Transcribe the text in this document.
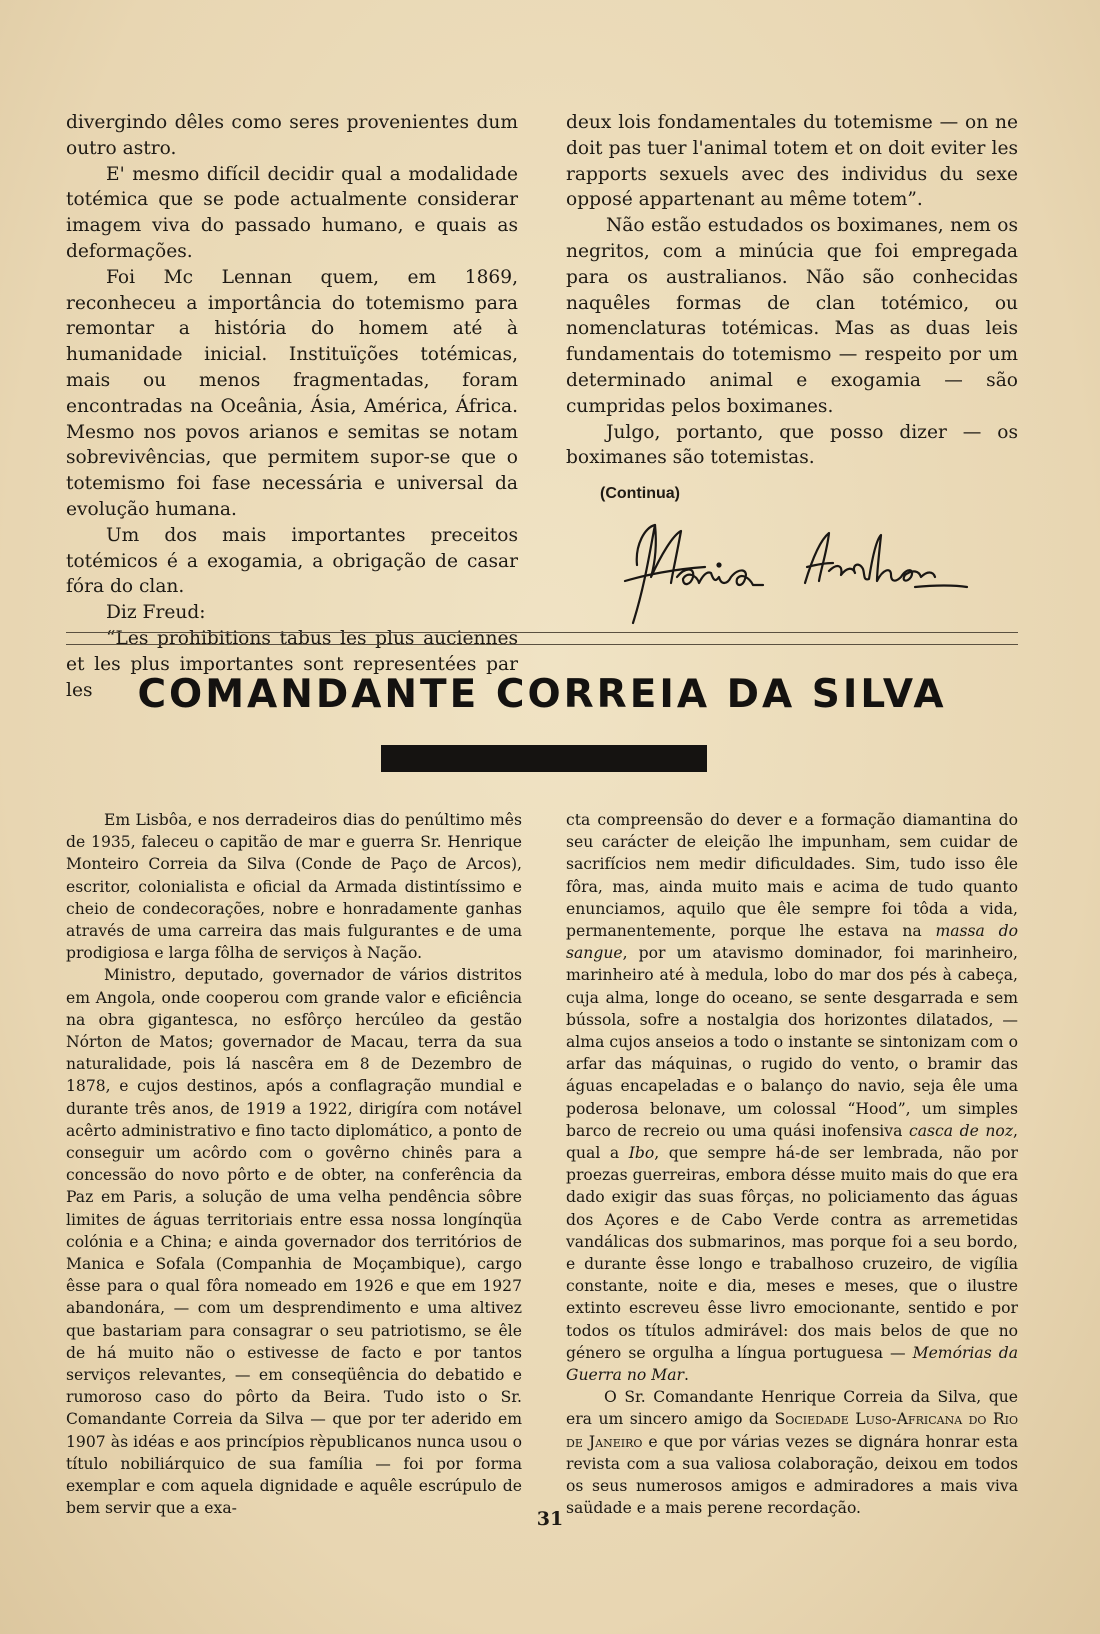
divergindo dêles como seres provenientes dum outro astro.

E' mesmo difícil decidir qual a modalidade totémica que se pode actualmente considerar imagem viva do passado humano, e quais as deformações.

Foi Mc Lennan quem, em 1869, reconheceu a importância do totemismo para remontar a história do homem até à humanidade inicial. Instituïções totémicas, mais ou menos fragmentadas, foram encontradas na Oceânia, Ásia, América, África. Mesmo nos povos arianos e semitas se notam sobrevivências, que permitem supor-se que o totemismo foi fase necessária e universal da evolução humana.

Um dos mais importantes preceitos totémicos é a exogamia, a obrigação de casar fóra do clan.

Diz Freud:

“Les prohibitions tabus les plus auciennes et les plus importantes sont representées par les

deux lois fondamentales du totemisme — on ne doit pas tuer l'animal totem et on doit eviter les rapports sexuels avec des individus du sexe opposé appartenant au même totem”.

Não estão estudados os boximanes, nem os negritos, com a minúcia que foi empregada para os australianos. Não são conhecidas naquêles formas de clan totémico, ou nomenclaturas totémicas. Mas as duas leis fundamentais do totemismo — respeito por um determinado animal e exogamia — são cumpridas pelos boximanes.

Julgo, portanto, que posso dizer — os boximanes são totemistas.

(Continua)
COMANDANTE CORREIA DA SILVA

Em Lisbôa, e nos derradeiros dias do penúltimo mês de 1935, faleceu o capitão de mar e guerra Sr. Henrique Monteiro Correia da Silva (Conde de Paço de Arcos), escritor, colonialista e oficial da Armada distintíssimo e cheio de condecorações, nobre e honradamente ganhas através de uma carreira das mais fulgurantes e de uma prodigiosa e larga fôlha de serviços à Nação.

Ministro, deputado, governador de vários distritos em Angola, onde cooperou com grande valor e eficiência na obra gigantesca, no esfôrço hercúleo da gestão Nórton de Matos; governador de Macau, terra da sua naturalidade, pois lá nascêra em 8 de Dezembro de 1878, e cujos destinos, após a conflagração mundial e durante três anos, de 1919 a 1922, dirigíra com notável acêrto administrativo e fino tacto diplomático, a ponto de conseguir um acôrdo com o govêrno chinês para a concessão do novo pôrto e de obter, na conferência da Paz em Paris, a solução de uma velha pendência sôbre limites de águas territoriais entre essa nossa longínqüa colónia e a China; e ainda governador dos territórios de Manica e Sofala (Companhia de Moçambique), cargo êsse para o qual fôra nomeado em 1926 e que em 1927 abandonára, — com um desprendimento e uma altivez que bastariam para consagrar o seu patriotismo, se êle de há muito não o estivesse de facto e por tantos serviços relevantes, — em conseqüência do debatido e rumoroso caso do pôrto da Beira. Tudo isto o Sr. Comandante Correia da Silva — que por ter aderido em 1907 às idéas e aos princípios rèpublicanos nunca usou o título nobiliárquico de sua família — foi por forma exemplar e com aquela dignidade e aquêle escrúpulo de bem servir que a exa-

cta compreensão do dever e a formação diamantina do seu carácter de eleição lhe impunham, sem cuidar de sacrifícios nem medir dificuldades. Sim, tudo isso êle fôra, mas, ainda muito mais e acima de tudo quanto enunciamos, aquilo que êle sempre foi tôda a vida, permanentemente, porque lhe estava na massa do sangue, por um atavismo dominador, foi marinheiro, marinheiro até à medula, lobo do mar dos pés à cabeça, cuja alma, longe do oceano, se sente desgarrada e sem bússola, sofre a nostalgia dos horizontes dilatados, — alma cujos anseios a todo o instante se sintonizam com o arfar das máquinas, o rugido do vento, o bramir das águas encapeladas e o balanço do navio, seja êle uma poderosa belonave, um colossal “Hood”, um simples barco de recreio ou uma quási inofensiva casca de noz, qual a Ibo, que sempre há-de ser lembrada, não por proezas guerreiras, embora désse muito mais do que era dado exigir das suas fôrças, no policiamento das águas dos Açores e de Cabo Verde contra as arremetidas vandálicas dos submarinos, mas porque foi a seu bordo, e durante êsse longo e trabalhoso cruzeiro, de vigília constante, noite e dia, meses e meses, que o ilustre extinto escreveu êsse livro emocionante, sentido e por todos os títulos admirável: dos mais belos de que no género se orgulha a língua portuguesa — Memórias da Guerra no Mar.

O Sr. Comandante Henrique Correia da Silva, que era um sincero amigo da Sociedade Luso-Africana do Rio de Janeiro e que por várias vezes se dignára honrar esta revista com a sua valiosa colaboração, deixou em todos os seus numerosos amigos e admiradores a mais viva saüdade e a mais perene recordação.

31
